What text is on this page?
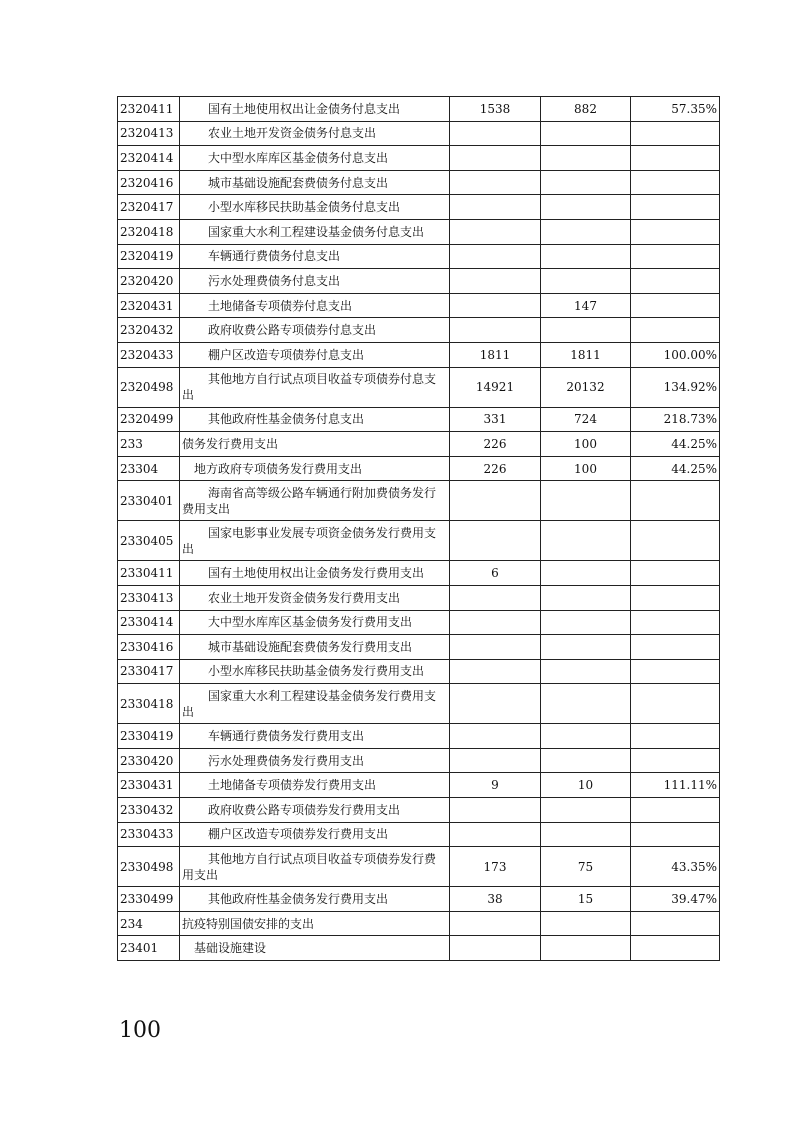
2320411	国有土地使用权出让金债务付息支出	1538	882	57.35%
2320413	农业土地开发资金债务付息支出			
2320414	大中型水库库区基金债务付息支出			
2320416	城市基础设施配套费债务付息支出			
2320417	小型水库移民扶助基金债务付息支出			
2320418	国家重大水利工程建设基金债务付息支出			
2320419	车辆通行费债务付息支出			
2320420	污水处理费债务付息支出			
2320431	土地储备专项债券付息支出		147	
2320432	政府收费公路专项债券付息支出			
2320433	棚户区改造专项债券付息支出	1811	1811	100.00%
2320498	其他地方自行试点项目收益专项债券付息支出	14921	20132	134.92%
2320499	其他政府性基金债务付息支出	331	724	218.73%
233	债务发行费用支出	226	100	44.25%
23304	地方政府专项债务发行费用支出	226	100	44.25%
2330401	海南省高等级公路车辆通行附加费债务发行费用支出			
2330405	国家电影事业发展专项资金债务发行费用支出			
2330411	国有土地使用权出让金债务发行费用支出	6		
2330413	农业土地开发资金债务发行费用支出			
2330414	大中型水库库区基金债务发行费用支出			
2330416	城市基础设施配套费债务发行费用支出			
2330417	小型水库移民扶助基金债务发行费用支出			
2330418	国家重大水利工程建设基金债务发行费用支出			
2330419	车辆通行费债务发行费用支出			
2330420	污水处理费债务发行费用支出			
2330431	土地储备专项债券发行费用支出	9	10	111.11%
2330432	政府收费公路专项债券发行费用支出			
2330433	棚户区改造专项债券发行费用支出			
2330498	其他地方自行试点项目收益专项债券发行费用支出	173	75	43.35%
2330499	其他政府性基金债务发行费用支出	38	15	39.47%
234	抗疫特别国债安排的支出			
23401	基础设施建设			
100
